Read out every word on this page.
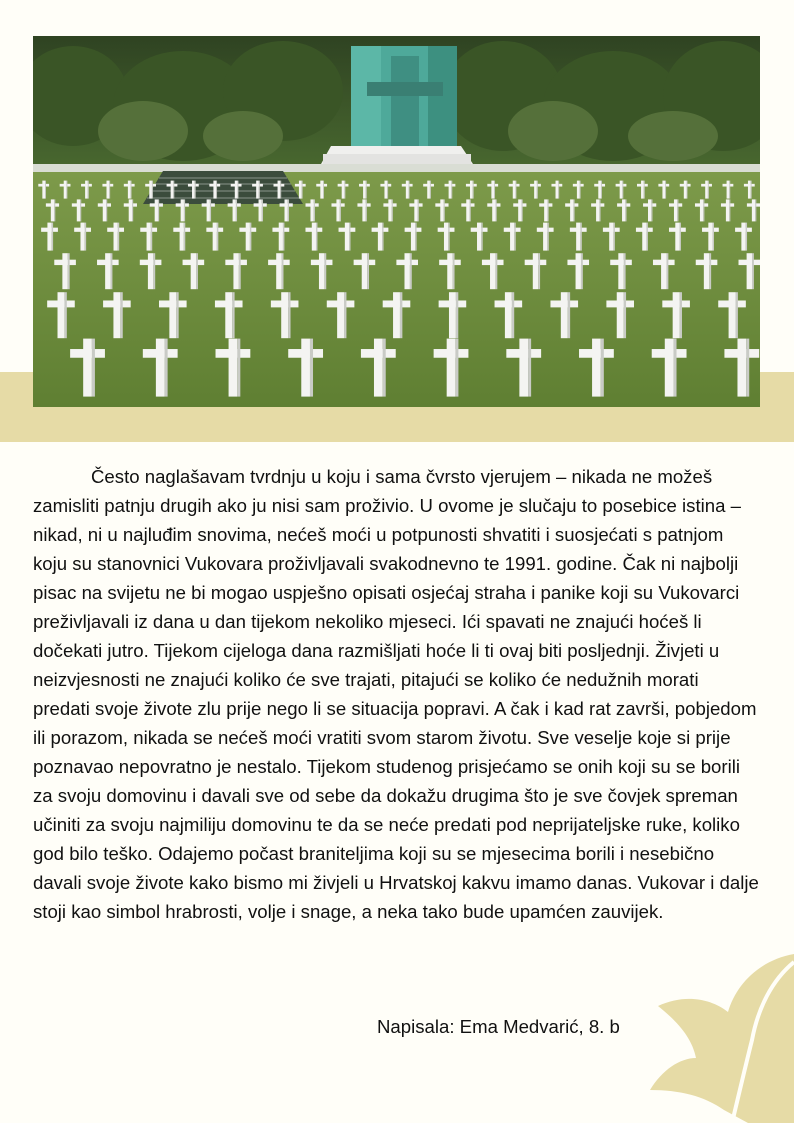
Često naglašavam tvrdnju u koju i sama čvrsto vjerujem – nikada ne možeš zamisliti patnju drugih ako ju nisi sam proživio. U ovome je slučaju to posebice istina – nikad, ni u najluđim snovima, nećeš moći u potpunosti shvatiti i suosjećati s patnjom koju su stanovnici Vukovara proživljavali svakodnevno te 1991. godine. Čak ni najbolji pisac na svijetu ne bi mogao uspješno opisati osjećaj straha i panike koji su Vukovarci preživljavali iz dana u dan tijekom nekoliko mjeseci. Ići spavati ne znajući hoćeš li dočekati jutro. Tijekom cijeloga dana razmišljati hoće li ti ovaj biti posljednji. Živjeti u neizvjesnosti ne znajući koliko će sve trajati, pitajući se koliko će nedužnih morati predati svoje živote zlu prije nego li se situacija popravi. A čak i kad rat završi, pobjedom ili porazom, nikada se nećeš moći vratiti svom starom životu. Sve veselje koje si prije poznavao nepovratno je nestalo. Tijekom studenog prisjećamo se onih koji su se borili za svoju domovinu i davali sve od sebe da dokažu drugima što je sve čovjek spreman učiniti za svoju najmiliju domovinu te da se neće predati pod neprijateljske ruke, koliko god bilo teško. Odajemo počast braniteljima koji su se mjesecima borili i nesebično davali svoje živote kako bismo mi živjeli u Hrvatskoj kakvu imamo danas. Vukovar i dalje stoji kao simbol hrabrosti, volje i snage, a neka tako bude upamćen zauvijek.

Napisala: Ema Medvarić, 8. b
